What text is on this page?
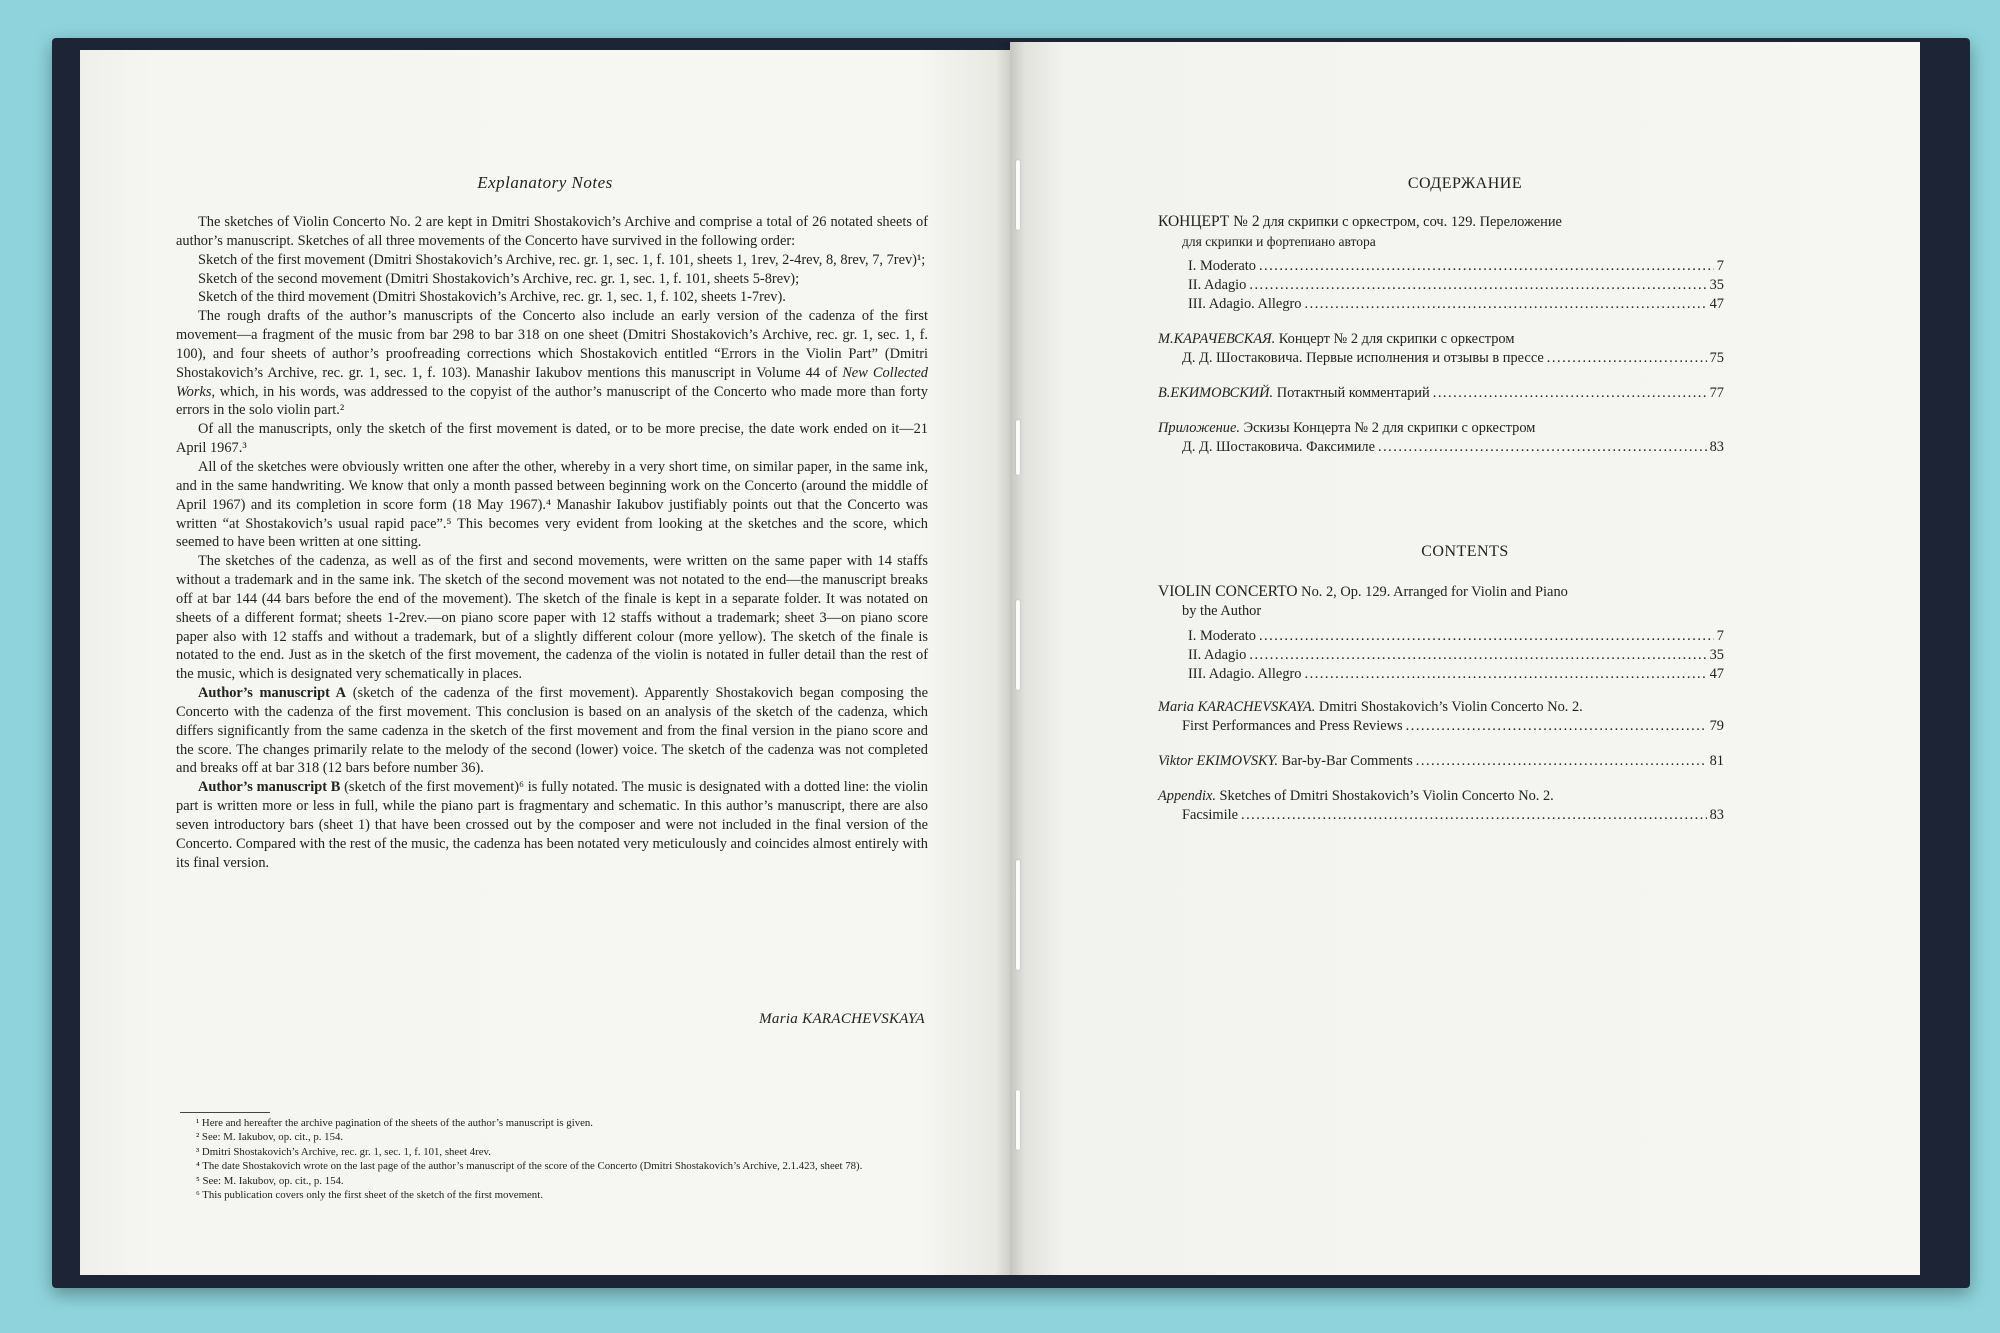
Explanatory Notes

The sketches of Violin Concerto No. 2 are kept in Dmitri Shostakovich’s Archive and comprise a total of 26 notated sheets of author’s manuscript. Sketches of all three movements of the Concerto have survived in the following order:

Sketch of the first movement (Dmitri Shostakovich’s Archive, rec. gr. 1, sec. 1, f. 101, sheets 1, 1rev, 2-4rev, 8, 8rev, 7, 7rev)¹;

Sketch of the second movement (Dmitri Shostakovich’s Archive, rec. gr. 1, sec. 1, f. 101, sheets 5-8rev);

Sketch of the third movement (Dmitri Shostakovich’s Archive, rec. gr. 1, sec. 1, f. 102, sheets 1-7rev).

The rough drafts of the author’s manuscripts of the Concerto also include an early version of the cadenza of the first movement—a fragment of the music from bar 298 to bar 318 on one sheet (Dmitri Shostakovich’s Archive, rec. gr. 1, sec. 1, f. 100), and four sheets of author’s proofreading corrections which Shostakovich entitled “Errors in the Violin Part” (Dmitri Shostakovich’s Archive, rec. gr. 1, sec. 1, f. 103). Manashir Iakubov mentions this manuscript in Volume 44 of New Collected Works, which, in his words, was addressed to the copyist of the author’s manuscript of the Concerto who made more than forty errors in the solo violin part.²

Of all the manuscripts, only the sketch of the first movement is dated, or to be more precise, the date work ended on it—21 April 1967.³

All of the sketches were obviously written one after the other, whereby in a very short time, on similar paper, in the same ink, and in the same handwriting. We know that only a month passed between beginning work on the Concerto (around the middle of April 1967) and its completion in score form (18 May 1967).⁴ Manashir Iakubov justifiably points out that the Concerto was written “at Shostakovich’s usual rapid pace”.⁵ This becomes very evident from looking at the sketches and the score, which seemed to have been written at one sitting.

The sketches of the cadenza, as well as of the first and second movements, were written on the same paper with 14 staffs without a trademark and in the same ink. The sketch of the second movement was not notated to the end—the manuscript breaks off at bar 144 (44 bars before the end of the movement). The sketch of the finale is kept in a separate folder. It was notated on sheets of a different format; sheets 1-2rev.—on piano score paper with 12 staffs without a trademark; sheet 3—on piano score paper also with 12 staffs and without a trademark, but of a slightly different colour (more yellow). The sketch of the finale is notated to the end. Just as in the sketch of the first movement, the cadenza of the violin is notated in fuller detail than the rest of the music, which is designated very schematically in places.

Author’s manuscript A (sketch of the cadenza of the first movement). Apparently Shostakovich began composing the Concerto with the cadenza of the first movement. This conclusion is based on an analysis of the sketch of the cadenza, which differs significantly from the same cadenza in the sketch of the first movement and from the final version in the piano score and the score. The changes primarily relate to the melody of the second (lower) voice. The sketch of the cadenza was not completed and breaks off at bar 318 (12 bars before number 36).

Author’s manuscript B (sketch of the first movement)⁶ is fully notated. The music is designated with a dotted line: the violin part is written more or less in full, while the piano part is fragmentary and schematic. In this author’s manuscript, there are also seven introductory bars (sheet 1) that have been crossed out by the composer and were not included in the final version of the Concerto. Compared with the rest of the music, the cadenza has been notated very meticulously and coincides almost entirely with its final version.

Maria KARACHEVSKAYA
¹ Here and hereafter the archive pagination of the sheets of the author’s manuscript is given.
² See: M. Iakubov, op. cit., p. 154.
³ Dmitri Shostakovich’s Archive, rec. gr. 1, sec. 1, f. 101, sheet 4rev.
⁴ The date Shostakovich wrote on the last page of the author’s manuscript of the score of the Concerto (Dmitri Shostakovich’s Archive, 2.1.423, sheet 78).
⁵ See: M. Iakubov, op. cit., p. 154.
⁶ This publication covers only the first sheet of the sketch of the first movement.
СОДЕРЖАНИЕ
КОНЦЕРТ № 2 для скрипки с оркестром, соч. 129. Переложение
для скрипки и фортепиано автора
I. Moderato .....	7
II. Adagio .....	35
III. Adagio. Allegro .....	47
М.КАРАЧЕВСКАЯ. Концерт № 2 для скрипки с оркестром
Д. Д. Шостаковича. Первые исполнения и отзывы в прессе .....	75
В.ЕКИМОВСКИЙ. Потактный комментарий .....	77
Приложение. Эскизы Концерта № 2 для скрипки с оркестром
Д. Д. Шостаковича. Факсимиле .....	83
CONTENTS
VIOLIN CONCERTO No. 2, Op. 129. Arranged for Violin and Piano
by the Author
I. Moderato .....	7
II. Adagio .....	35
III. Adagio. Allegro .....	47
Maria KARACHEVSKAYA. Dmitri Shostakovich’s Violin Concerto No. 2.
First Performances and Press Reviews .....	79
Viktor EKIMOVSKY. Bar-by-Bar Comments .....	81
Appendix. Sketches of Dmitri Shostakovich’s Violin Concerto No. 2.
Facsimile .....	83
